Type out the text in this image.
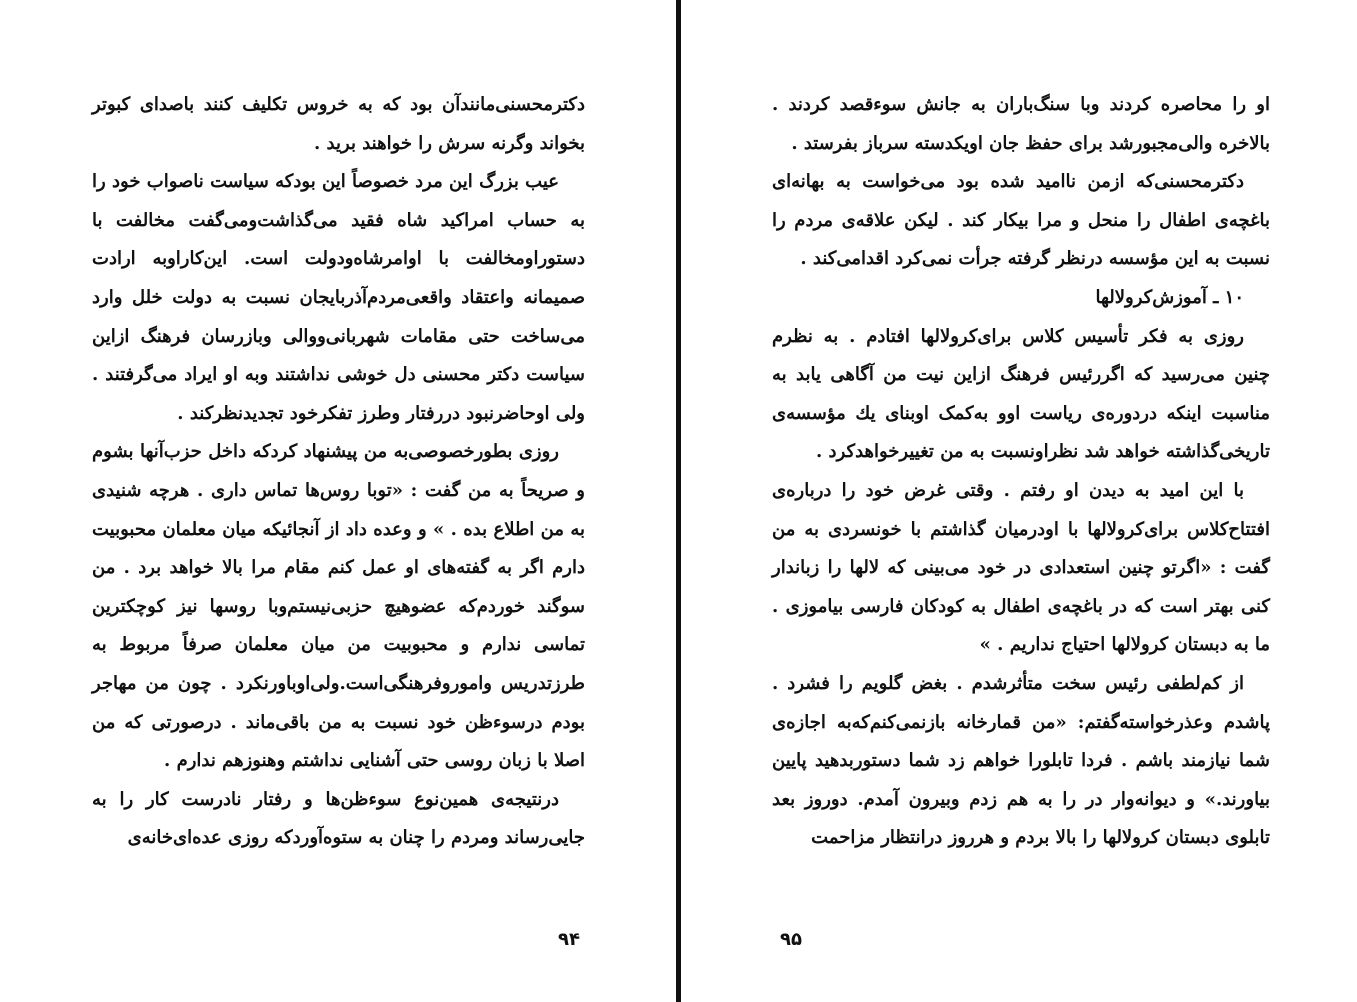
دکترمحسنی‌مانندآن بود که به خروس تکلیف کنند باصدای کبوتر بخواند وگرنه سرش را خواهند برید .

عیب بزرگ این مرد خصوصاً این بودکه سیاست ناصواب خود را به حساب امراکید شاه فقید می‌گذاشت‌ومی‌گفت مخالفت با دستوراومخالفت با اوامرشاه‌ودولت است. این‌کاراوبه ارادت صمیمانه واعتقاد واقعی‌مردم‌آذربایجان نسبت به دولت خلل وارد می‌ساخت حتی مقامات شهربانی‌ووالی وبازرسان فرهنگ ازاین سیاست دکتر محسنی دل خوشی نداشتند وبه او ایراد می‌گرفتند . ولی اوحاضرنبود دررفتار وطرز تفکرخود تجدیدنظرکند .

روزی بطورخصوصی‌به من پیشنهاد کردکه داخل حزب‌آنها بشوم و صریحاً به من گفت : «توبا روس‌ها تماس داری . هرچه شنیدی به من اطلاع بده . » و وعده داد از آنجائیکه میان معلمان محبوبیت دارم اگر به گفته‌های او عمل کنم مقام مرا بالا خواهد برد . من سوگند خوردم‌که عضوهیچ حزبی‌نیستم‌وبا روسها نیز کوچکترین تماسی ندارم و محبوبیت من میان معلمان صرفاً مربوط به طرزتدریس واموروفرهنگی‌است.ولی‌اوباورنکرد . چون من مهاجر بودم درسوءظن خود نسبت به من باقی‌ماند . درصورتی که من اصلا با زبان روسی حتی آشنایی نداشتم وهنوزهم ندارم .

درنتیجه‌ی همین‌نوع سوءظن‌ها و رفتار نادرست کار را به جایی‌رساند ومردم را چنان به ستوه‌آوردکه روزی عده‌ای‌خانه‌ی

۹۴

او را محاصره کردند وبا سنگ‌باران به جانش سوءقصد کردند . بالاخره والی‌مجبورشد برای حفظ جان اویکدسته سرباز بفرستد .

دکترمحسنی‌که ازمن ناامید شده بود می‌خواست به بهانه‌ای باغچه‌ی اطفال را منحل و مرا بیکار کند . لیکن علاقه‌ی مردم را نسبت به این مؤسسه درنظر گرفته جرأت نمی‌کرد اقدامی‌کند .

۱۰ ـ آموزش‌کرولالها

روزی به فکر تأسیس کلاس برای‌کرولالها افتادم . به نظرم چنین می‌رسید که اگررئیس فرهنگ ازاین نیت من آگاهی یابد به مناسبت اینکه دردوره‌ی ریاست اوو به‌کمک اوبنای یك مؤسسه‌ی تاریخی‌گذاشته خواهد شد نظراونسبت به من تغییرخواهدکرد .

با این امید به دیدن او رفتم . وقتی غرض خود را درباره‌ی افتتاح‌کلاس برای‌کرولالها با اودرمیان گذاشتم با خونسردی به من گفت : «اگرتو چنین استعدادی در خود می‌بینی که لالها را زباندار کنی بهتر است که در باغچه‌ی اطفال به کودکان فارسی بیاموزی . ما به دبستان کرولالها احتیاج نداریم . »

از کم‌لطفی رئیس سخت متأثرشدم . بغض گلویم را فشرد . پاشدم وعذرخواسته‌گفتم: «من قمارخانه بازنمی‌کنم‌که‌به اجازه‌ی شما نیازمند باشم . فردا تابلورا خواهم زد شما دستوربدهید پایین بیاورند.» و دیوانه‌وار در را به هم زدم وبیرون آمدم. دوروز بعد تابلوی دبستان کرولالها را بالا بردم و هرروز درانتظار مزاحمت

۹۵
